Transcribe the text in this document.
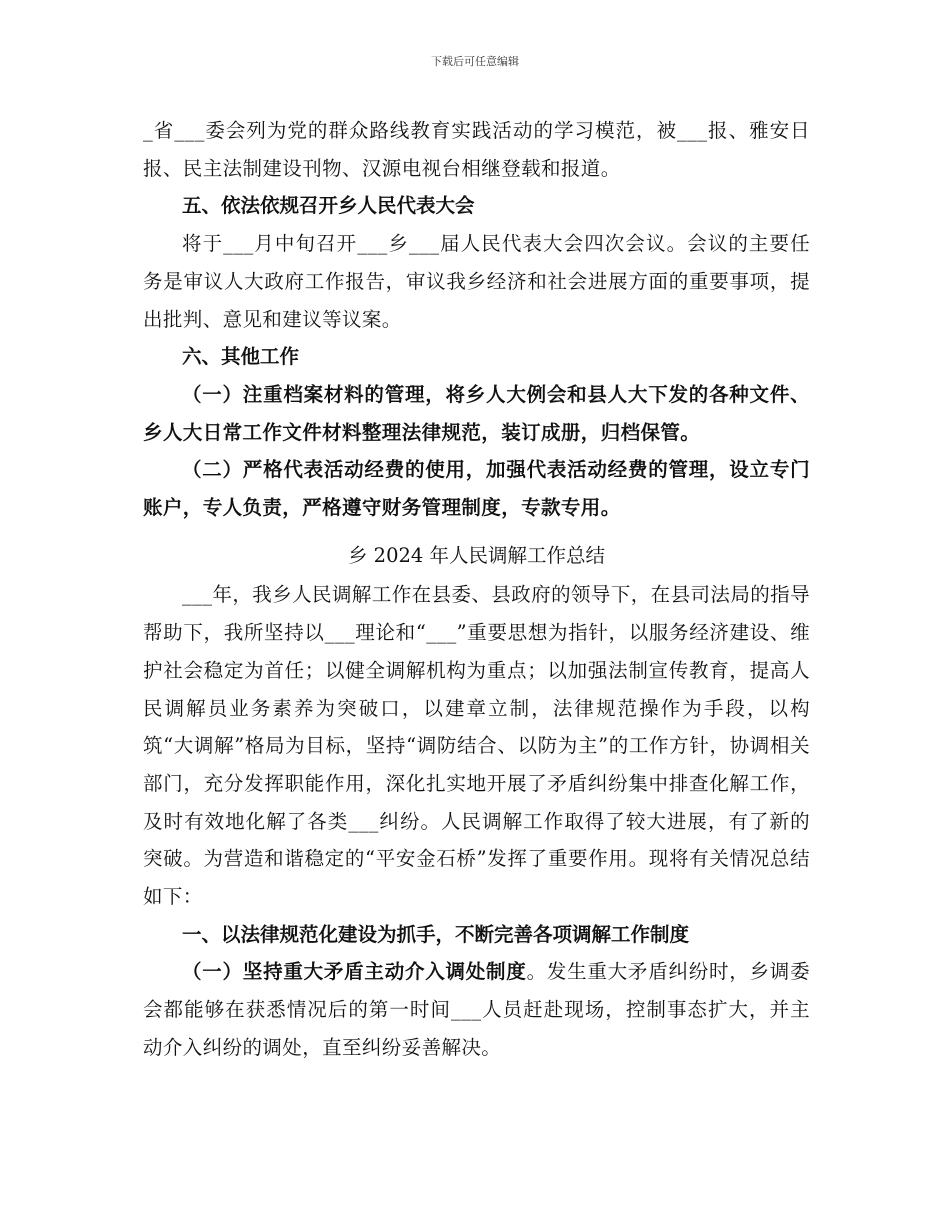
下载后可任意编辑

_省___委会列为党的群众路线教育实践活动的学习模范，被___报、雅安日报、民主法制建设刊物、汉源电视台相继登载和报道。

五、依法依规召开乡人民代表大会

将于___月中旬召开___乡___届人民代表大会四次会议。会议的主要任务是审议人大政府工作报告，审议我乡经济和社会进展方面的重要事项，提出批判、意见和建议等议案。

六、其他工作

（一）注重档案材料的管理，将乡人大例会和县人大下发的各种文件、乡人大日常工作文件材料整理法律规范，装订成册，归档保管。

（二）严格代表活动经费的使用，加强代表活动经费的管理，设立专门账户，专人负责，严格遵守财务管理制度，专款专用。

乡 2024 年人民调解工作总结

___年，我乡人民调解工作在县委、县政府的领导下，在县司法局的指导帮助下，我所坚持以___理论和“___”重要思想为指针，以服务经济建设、维护社会稳定为首任；以健全调解机构为重点；以加强法制宣传教育，提高人民调解员业务素养为突破口，以建章立制，法律规范操作为手段，以构筑“大调解”格局为目标，坚持“调防结合、以防为主”的工作方针，协调相关部门，充分发挥职能作用，深化扎实地开展了矛盾纠纷集中排查化解工作，及时有效地化解了各类___纠纷。人民调解工作取得了较大进展，有了新的突破。为营造和谐稳定的“平安金石桥”发挥了重要作用。现将有关情况总结如下：

一、以法律规范化建设为抓手，不断完善各项调解工作制度

（一）坚持重大矛盾主动介入调处制度。发生重大矛盾纠纷时，乡调委会都能够在获悉情况后的第一时间___人员赶赴现场，控制事态扩大，并主动介入纠纷的调处，直至纠纷妥善解决。
